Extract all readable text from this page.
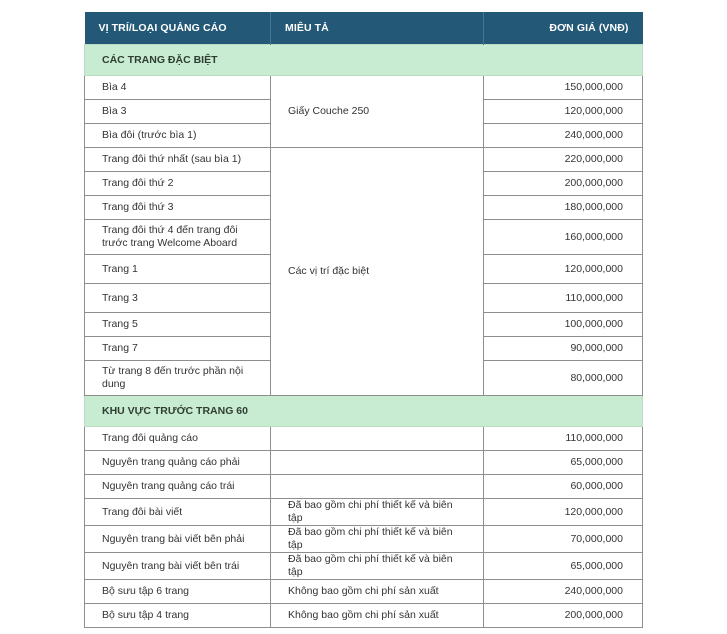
VỊ TRÍ/LOẠI QUẢNG CÁO	MIÊU TẢ	ĐƠN GIÁ (VNĐ)
CÁC TRANG ĐẶC BIỆT		
Bìa 4	Giấy Couche 250	150,000,000
Bìa 3		120,000,000
Bìa đôi (trước bìa 1)		240,000,000
Trang đôi thứ nhất (sau bìa 1)	Các vị trí đặc biệt	220,000,000
Trang đôi thứ 2		200,000,000
Trang đôi thứ 3		180,000,000
Trang đôi thứ 4 đến trang đôi trước trang Welcome Aboard		160,000,000
Trang 1		120,000,000
Trang 3		110,000,000
Trang 5		100,000,000
Trang 7		90,000,000
Từ trang 8 đến trước phần nội dung		80,000,000
KHU VỰC TRƯỚC TRANG 60		
Trang đôi quảng cáo		110,000,000
Nguyên trang quảng cáo phải		65,000,000
Nguyên trang quảng cáo trái		60,000,000
Trang đôi bài viết	Đã bao gồm chi phí thiết kế và biên tập	120,000,000
Nguyên trang bài viết bên phải	Đã bao gồm chi phí thiết kế và biên tập	70,000,000
Nguyên trang bài viết bên trái	Đã bao gồm chi phí thiết kế và biên tập	65,000,000
Bộ sưu tập 6 trang	Không bao gồm chi phí sản xuất	240,000,000
Bộ sưu tập 4 trang	Không bao gồm chi phí sản xuất	200,000,000
